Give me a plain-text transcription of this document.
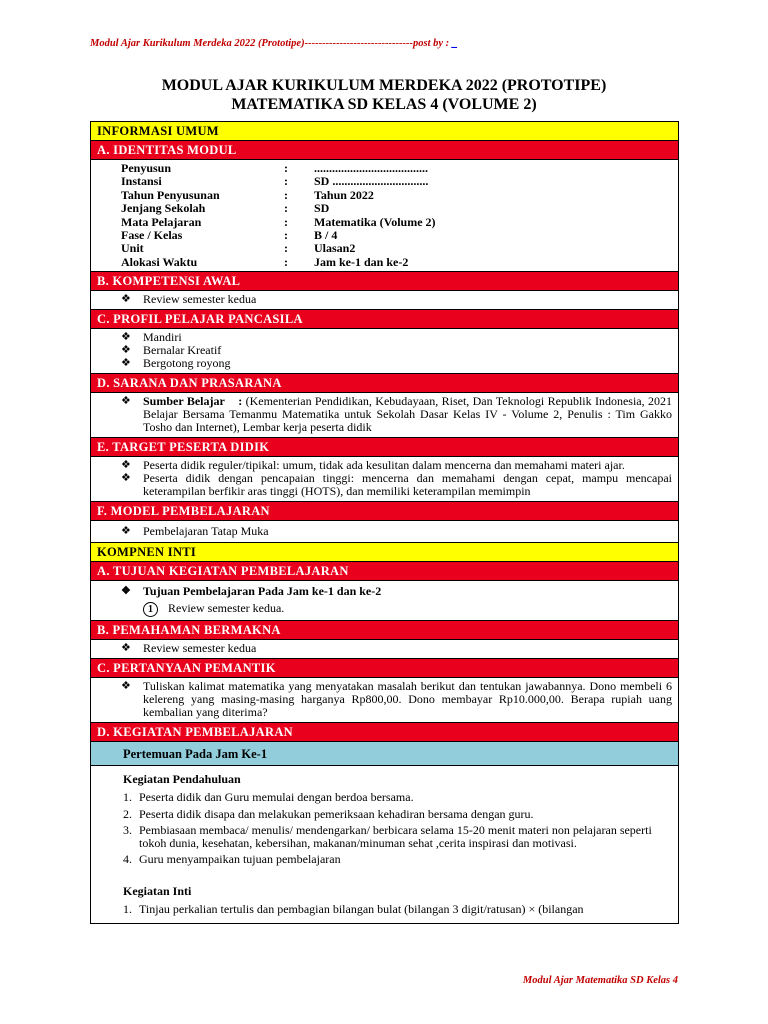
Modul Ajar Kurikulum Merdeka 2022 (Prototipe)-------------------------------post by : _
MODUL AJAR KURIKULUM MERDEKA 2022 (PROTOTIPE)
MATEMATIKA SD KELAS 4 (VOLUME 2)
INFORMASI UMUM
A. IDENTITAS MODUL
Penyusun	:	......................................
Instansi	:	SD ................................
Tahun Penyusunan	:	Tahun 2022
Jenjang Sekolah	:	SD
Mata Pelajaran	:	Matematika (Volume 2)
Fase / Kelas	:	B / 4
Unit	:	Ulasan2
Alokasi Waktu	:	Jam ke-1 dan ke-2
B. KOMPETENSI AWAL
❖ Review semester kedua
C. PROFIL PELAJAR PANCASILA
❖ Mandiri
❖ Bernalar Kreatif
❖ Bergotong royong
D. SARANA DAN PRASARANA
❖ Sumber Belajar : (Kementerian Pendidikan, Kebudayaan, Riset, Dan Teknologi Republik Indonesia, 2021 Belajar Bersama Temanmu Matematika untuk Sekolah Dasar Kelas IV - Volume 2, Penulis : Tim Gakko Tosho dan Internet), Lembar kerja peserta didik
E. TARGET PESERTA DIDIK
❖ Peserta didik reguler/tipikal: umum, tidak ada kesulitan dalam mencerna dan memahami materi ajar.
❖ Peserta didik dengan pencapaian tinggi: mencerna dan memahami dengan cepat, mampu mencapai keterampilan berfikir aras tinggi (HOTS), dan memiliki keterampilan memimpin
F. MODEL PEMBELAJARAN
❖ Pembelajaran Tatap Muka
KOMPNEN INTI
A. TUJUAN KEGIATAN PEMBELAJARAN
❖ Tujuan Pembelajaran Pada Jam ke-1 dan ke-2
1 Review semester kedua.
B. PEMAHAMAN BERMAKNA
❖ Review semester kedua
C. PERTANYAAN PEMANTIK
❖ Tuliskan kalimat matematika yang menyatakan masalah berikut dan tentukan jawabannya. Dono membeli 6 kelereng yang masing-masing harganya Rp800,00. Dono membayar Rp10.000,00. Berapa rupiah uang kembalian yang diterima?
D. KEGIATAN PEMBELAJARAN
Pertemuan Pada Jam Ke-1
Kegiatan Pendahuluan
1. Peserta didik dan Guru memulai dengan berdoa bersama.
2. Peserta didik disapa dan melakukan pemeriksaan kehadiran bersama dengan guru.
3. Pembiasaan membaca/ menulis/ mendengarkan/ berbicara selama 15-20 menit materi non pelajaran seperti tokoh dunia, kesehatan, kebersihan, makanan/minuman sehat ,cerita inspirasi dan motivasi.
4. Guru menyampaikan tujuan pembelajaran
Kegiatan Inti
1. Tinjau perkalian tertulis dan pembagian bilangan bulat (bilangan 3 digit/ratusan) × (bilangan
Modul Ajar Matematika SD Kelas 4
